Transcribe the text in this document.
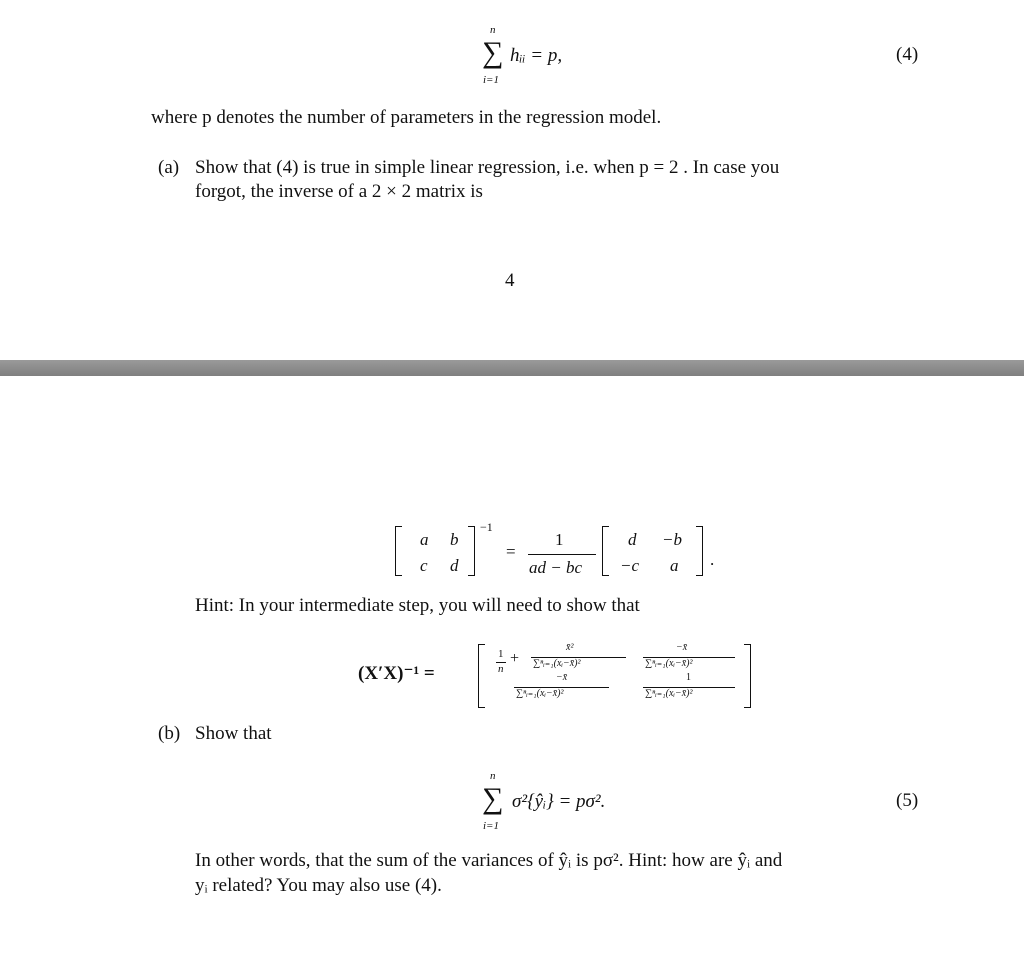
n
∑
i=1
hᵢᵢ = p,	(4)
where p denotes the number of parameters in the regression model.
(a) Show that (4) is true in simple linear regression, i.e. when p = 2 . In case you
forgot, the inverse of a 2 × 2 matrix is
4
a b
c d
−1
=
1
ad − bc
d −b
−c a .
Hint: In your intermediate step, you will need to show that
(X′X)⁻¹ =
1
n
+
x̄²
∑ⁿᵢ₌₁(xᵢ−x̄)²
−x̄
∑ⁿᵢ₌₁(xᵢ−x̄)²
−x̄
∑ⁿᵢ₌₁(xᵢ−x̄)²
1
∑ⁿᵢ₌₁(xᵢ−x̄)²
(b) Show that
n
∑
i=1
σ²{ŷᵢ} = pσ².	(5)
In other words, that the sum of the variances of ŷᵢ is pσ². Hint: how are ŷᵢ and
yᵢ related? You may also use (4).
